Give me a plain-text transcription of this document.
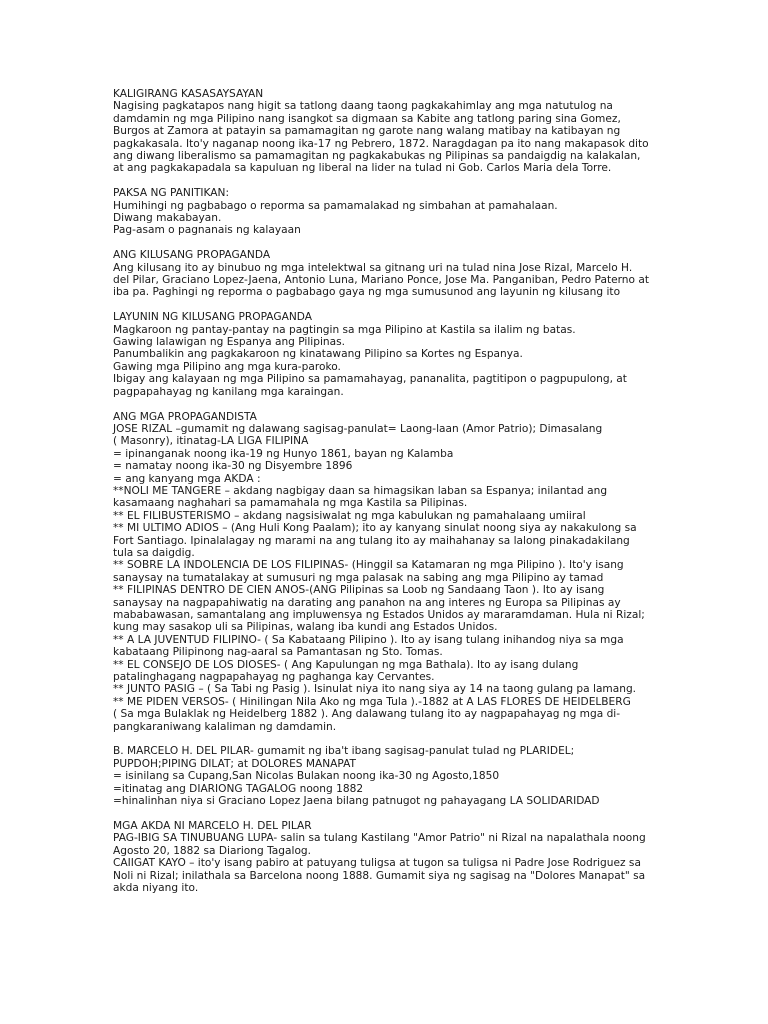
KALIGIRANG KASASAYSAYAN
Nagising pagkatapos nang higit sa tatlong daang taong pagkakahimlay ang mga natutulog na
damdamin ng mga Pilipino nang isangkot sa digmaan sa Kabite ang tatlong paring sina Gomez,
Burgos at Zamora at patayin sa pamamagitan ng garote nang walang matibay na katibayan ng
pagkakasala. Ito'y naganap noong ika-17 ng Pebrero, 1872. Naragdagan pa ito nang makapasok dito
ang diwang liberalismo sa pamamagitan ng pagkakabukas ng Pilipinas sa pandaigdig na kalakalan,
at ang pagkakapadala sa kapuluan ng liberal na lider na tulad ni Gob. Carlos Maria dela Torre.
PAKSA NG PANITIKAN:
Humihingi ng pagbabago o reporma sa pamamalakad ng simbahan at pamahalaan.
Diwang makabayan.
Pag-asam o pagnanais ng kalayaan
ANG KILUSANG PROPAGANDA
Ang kilusang ito ay binubuo ng mga intelektwal sa gitnang uri na tulad nina Jose Rizal, Marcelo H.
del Pilar, Graciano Lopez-Jaena, Antonio Luna, Mariano Ponce, Jose Ma. Panganiban, Pedro Paterno at
iba pa. Paghingi ng reporma o pagbabago gaya ng mga sumusunod ang layunin ng kilusang ito
LAYUNIN NG KILUSANG PROPAGANDA
Magkaroon ng pantay-pantay na pagtingin sa mga Pilipino at Kastila sa ilalim ng batas.
Gawing lalawigan ng Espanya ang Pilipinas.
Panumbalikin ang pagkakaroon ng kinatawang Pilipino sa Kortes ng Espanya.
Gawing mga Pilipino ang mga kura-paroko.
Ibigay ang kalayaan ng mga Pilipino sa pamamahayag, pananalita, pagtitipon o pagpupulong, at
pagpapahayag ng kanilang mga karaingan.
ANG MGA PROPAGANDISTA
JOSE RIZAL –gumamit ng dalawang sagisag-panulat= Laong-laan (Amor Patrio); Dimasalang
( Masonry), itinatag-LA LIGA FILIPINA
= ipinanganak noong ika-19 ng Hunyo 1861, bayan ng Kalamba
= namatay noong ika-30 ng Disyembre 1896
= ang kanyang mga AKDA :
**NOLI ME TANGERE – akdang nagbigay daan sa himagsikan laban sa Espanya; inilantad ang
kasamaang naghahari sa pamamahala ng mga Kastila sa Pilipinas.
** EL FILIBUSTERISMO – akdang nagsisiwalat ng mga kabulukan ng pamahalaang umiiral
** MI ULTIMO ADIOS – (Ang Huli Kong Paalam); ito ay kanyang sinulat noong siya ay nakakulong sa
Fort Santiago. Ipinalalagay ng marami na ang tulang ito ay maihahanay sa lalong pinakadakilang
tula sa daigdig.
** SOBRE LA INDOLENCIA DE LOS FILIPINAS- (Hinggil sa Katamaran ng mga Pilipino ). Ito'y isang
sanaysay na tumatalakay at sumusuri ng mga palasak na sabing ang mga Pilipino ay tamad
** FILIPINAS DENTRO DE CIEN ANOS-(ANG Pilipinas sa Loob ng Sandaang Taon ). Ito ay isang
sanaysay na nagpapahiwatig na darating ang panahon na ang interes ng Europa sa Pilipinas ay
mababawasan, samantalang ang impluwensya ng Estados Unidos ay mararamdaman. Hula ni Rizal;
kung may sasakop uli sa Pilipinas, walang iba kundi ang Estados Unidos.
** A LA JUVENTUD FILIPINO- ( Sa Kabataang Pilipino ). Ito ay isang tulang inihandog niya sa mga
kabataang Pilipinong nag-aaral sa Pamantasan ng Sto. Tomas.
** EL CONSEJO DE LOS DIOSES- ( Ang Kapulungan ng mga Bathala). Ito ay isang dulang
patalinghagang nagpapahayag ng paghanga kay Cervantes.
** JUNTO PASIG – ( Sa Tabi ng Pasig ). Isinulat niya ito nang siya ay 14 na taong gulang pa lamang.
** ME PIDEN VERSOS- ( Hinilingan Nila Ako ng mga Tula ).-1882 at A LAS FLORES DE HEIDELBERG
( Sa mga Bulaklak ng Heidelberg 1882 ). Ang dalawang tulang ito ay nagpapahayag ng mga di-
pangkaraniwang kalaliman ng damdamin.
B. MARCELO H. DEL PILAR- gumamit ng iba't ibang sagisag-panulat tulad ng PLARIDEL;
PUPDOH;PIPING DILAT; at DOLORES MANAPAT
= isinilang sa Cupang,San Nicolas Bulakan noong ika-30 ng Agosto,1850
=itinatag ang DIARIONG TAGALOG noong 1882
=hinalinhan niya si Graciano Lopez Jaena bilang patnugot ng pahayagang LA SOLIDARIDAD
MGA AKDA NI MARCELO H. DEL PILAR
PAG-IBIG SA TINUBUANG LUPA- salin sa tulang Kastilang "Amor Patrio" ni Rizal na napalathala noong
Agosto 20, 1882 sa Diariong Tagalog.
CAIIGAT KAYO – ito'y isang pabiro at patuyang tuligsa at tugon sa tuligsa ni Padre Jose Rodriguez sa
Noli ni Rizal; inilathala sa Barcelona noong 1888. Gumamit siya ng sagisag na "Dolores Manapat" sa
akda niyang ito.
